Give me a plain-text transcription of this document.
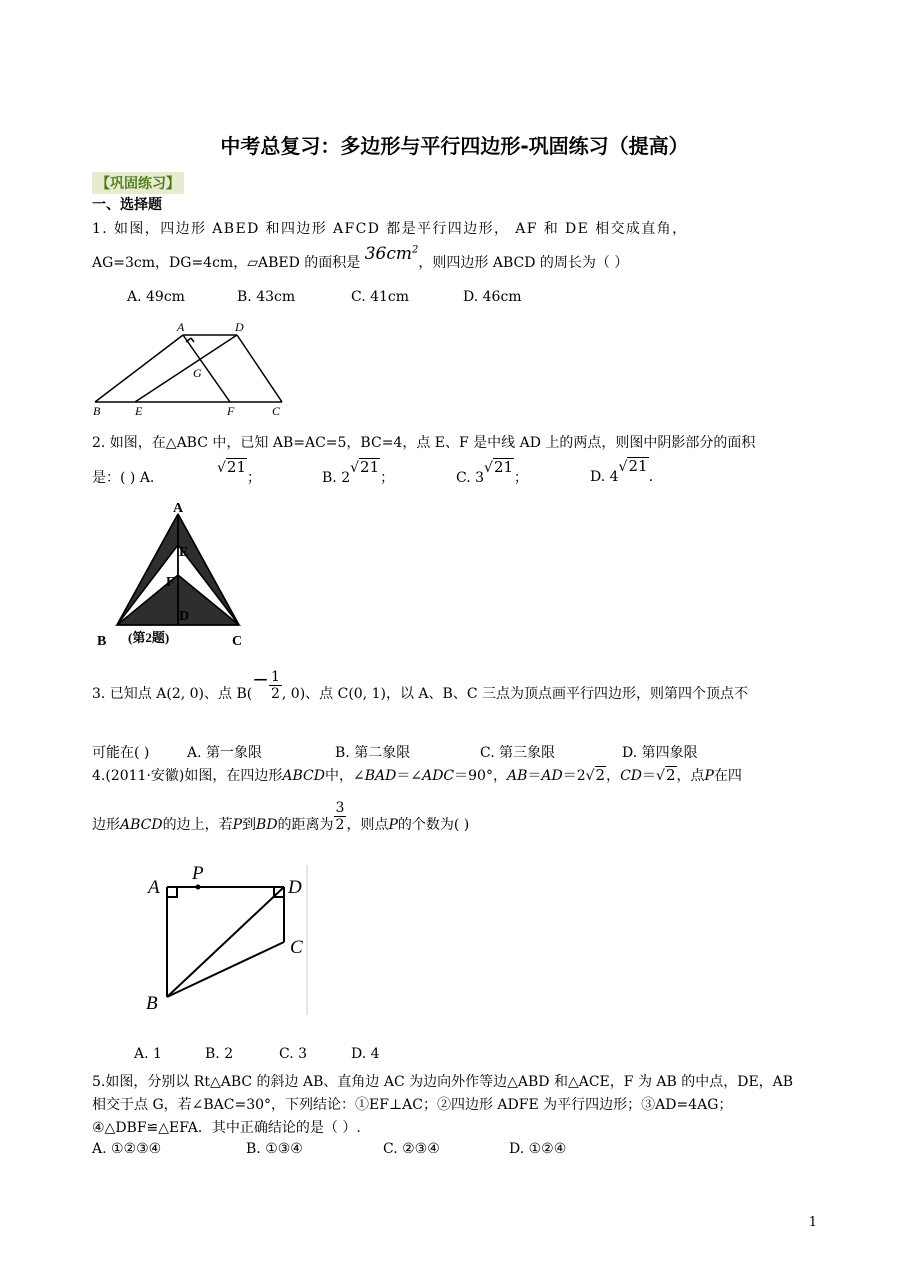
中考总复习：多边形与平行四边形-巩固练习（提高）
【巩固练习】
一、选择题
1. 如图，四边形 ABED 和四边形 AFCD 都是平行四边形， AF 和 DE 相交成直角，
AG=3cm，DG=4cm，▱ABED 的面积是 $36cm^2$，则四边形 ABCD 的周长为（ ）
A. 49cm	B. 43cm	C. 41cm	D. 46cm
A	D
G
B	E	F	C
2. 如图，在△ABC 中，已知 AB=AC=5，BC=4，点 E、F 是中线 AD 上的两点，则图中阴影部分的面积
是：( ) A.
√21；	B. 2√21；	C. 3√21；	D. 4√21.
A
E
F
D
B	C
(第2题)
3. 已知点 A(2, 0)、点 $B(- \frac{1}{2}$ , 0)、点 C(0, 1)，以 A、B、C 三点为顶点画平行四边形，则第四个顶点不
可能在( )	A. 第一象限	B. 第二象限	C. 第三象限	D. 第四象限
4.(2011·安徽)如图，在四边形ABCD中，∠BAD＝∠ADC＝90°，AB＝AD＝2√2，CD＝√2，点P在四
边形ABCD的边上，若P到BD的距离为 $\frac{3}{2}$ ，则点P的个数为( )
A
P
D
C
B
A. 1	B. 2	C. 3	D. 4
5.如图，分别以 Rt△ABC 的斜边 AB、直角边 AC 为边向外作等边△ABD 和△ACE，F 为 AB 的中点，DE，AB
相交于点 G，若∠BAC=30°，下列结论：①EF⊥AC；②四边形 ADFE 为平行四边形；③AD=4AG；
④△DBF≌△EFA．其中正确结论的是（ ）.
A. ①②③④	B. ①③④	C. ②③④	D. ①②④
1
